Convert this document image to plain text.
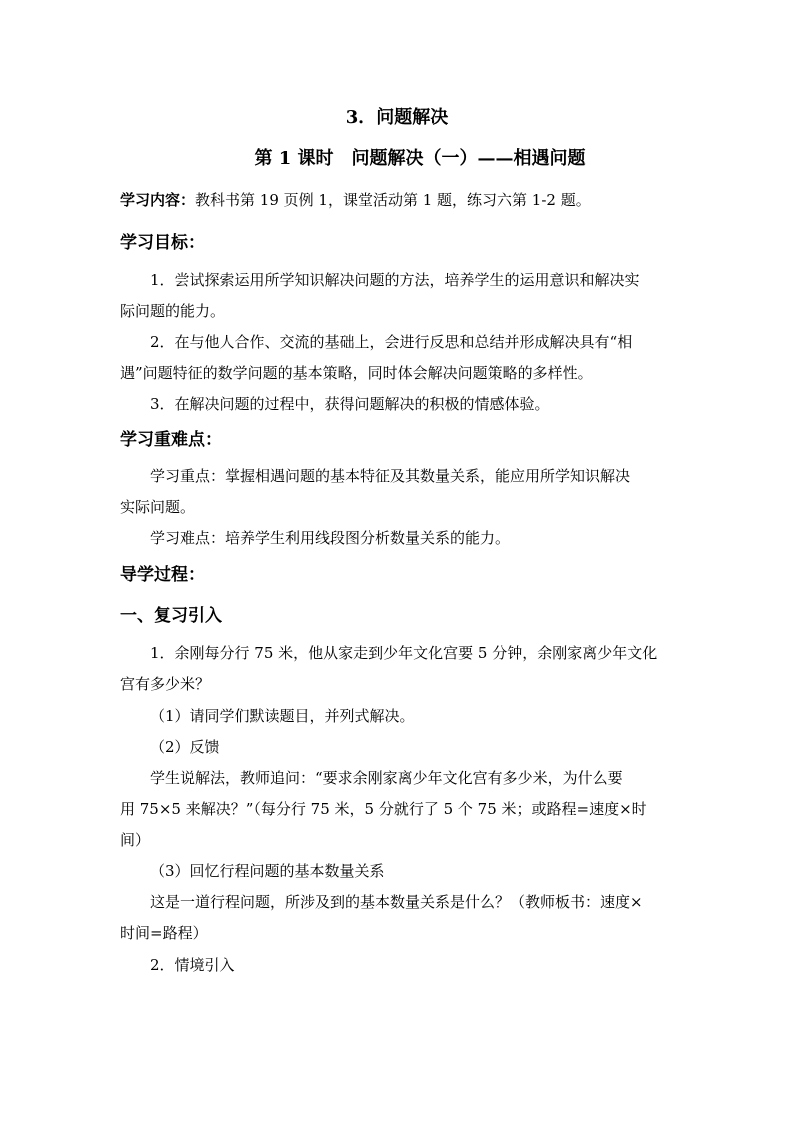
3．问题解决
第 1 课时　问题解决（一）——相遇问题
学习内容：教科书第 19 页例 1，课堂活动第 1 题，练习六第 1-2 题。
学习目标：
1．尝试探索运用所学知识解决问题的方法，培养学生的运用意识和解决实
际问题的能力。
2．在与他人合作、交流的基础上，会进行反思和总结并形成解决具有“相
遇”问题特征的数学问题的基本策略，同时体会解决问题策略的多样性。
3．在解决问题的过程中，获得问题解决的积极的情感体验。
学习重难点：
学习重点：掌握相遇问题的基本特征及其数量关系，能应用所学知识解决
实际问题。
学习难点：培养学生利用线段图分析数量关系的能力。
导学过程：
一、复习引入
1．余刚每分行 75 米，他从家走到少年文化宫要 5 分钟，余刚家离少年文化
宫有多少米？
（1）请同学们默读题目，并列式解决。
（2）反馈
学生说解法，教师追问：“要求余刚家离少年文化宫有多少米，为什么要
用 75×5 来解决？”（每分行 75 米，5 分就行了 5 个 75 米；或路程=速度×时
间）
（3）回忆行程问题的基本数量关系
这是一道行程问题，所涉及到的基本数量关系是什么？（教师板书：速度×
时间=路程）
2．情境引入
